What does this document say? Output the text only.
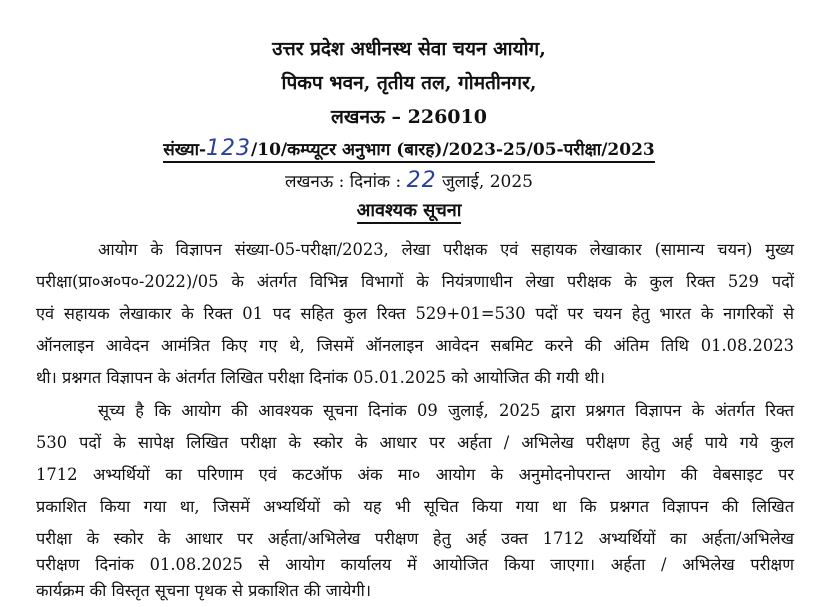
उत्तर प्रदेश अधीनस्थ सेवा चयन आयोग,
पिकप भवन, तृतीय तल, गोमतीनगर,
लखनऊ – 226010
संख्या-123/10/कम्प्यूटर अनुभाग (बारह)/2023-25/05-परीक्षा/2023
लखनऊ : दिनांक : 22 जुलाई, 2025
आवश्यक सूचना
आयोग के विज्ञापन संख्या-05-परीक्षा/2023, लेखा परीक्षक एवं सहायक लेखाकार (सामान्य चयन) मुख्य
परीक्षा(प्रा०अ०प०-2022)/05 के अंतर्गत विभिन्न विभागों के नियंत्रणाधीन लेखा परीक्षक के कुल रिक्त 529 पदों
एवं सहायक लेखाकार के रिक्त 01 पद सहित कुल रिक्त 529+01=530 पदों पर चयन हेतु भारत के नागरिकों से
ऑनलाइन आवेदन आमंत्रित किए गए थे, जिसमें ऑनलाइन आवेदन सबमिट करने की अंतिम तिथि 01.08.2023
थी। प्रश्नगत विज्ञापन के अंतर्गत लिखित परीक्षा दिनांक 05.01.2025 को आयोजित की गयी थी।
सूच्य है कि आयोग की आवश्यक सूचना दिनांक 09 जुलाई, 2025 द्वारा प्रश्नगत विज्ञापन के अंतर्गत रिक्त
530 पदों के सापेक्ष लिखित परीक्षा के स्कोर के आधार पर अर्हता / अभिलेख परीक्षण हेतु अर्ह पाये गये कुल
1712 अभ्यर्थियों का परिणाम एवं कटऑफ अंक मा० आयोग के अनुमोदनोपरान्त आयोग की वेबसाइट पर
प्रकाशित किया गया था, जिसमें अभ्यर्थियों को यह भी सूचित किया गया था कि प्रश्नगत विज्ञापन की लिखित
परीक्षा के स्कोर के आधार पर अर्हता/अभिलेख परीक्षण हेतु अर्ह उक्त 1712 अभ्यर्थियों का अर्हता/अभिलेख
परीक्षण दिनांक 01.08.2025 से आयोग कार्यालय में आयोजित किया जाएगा। अर्हता / अभिलेख परीक्षण
कार्यक्रम की विस्तृत सूचना पृथक से प्रकाशित की जायेगी।
